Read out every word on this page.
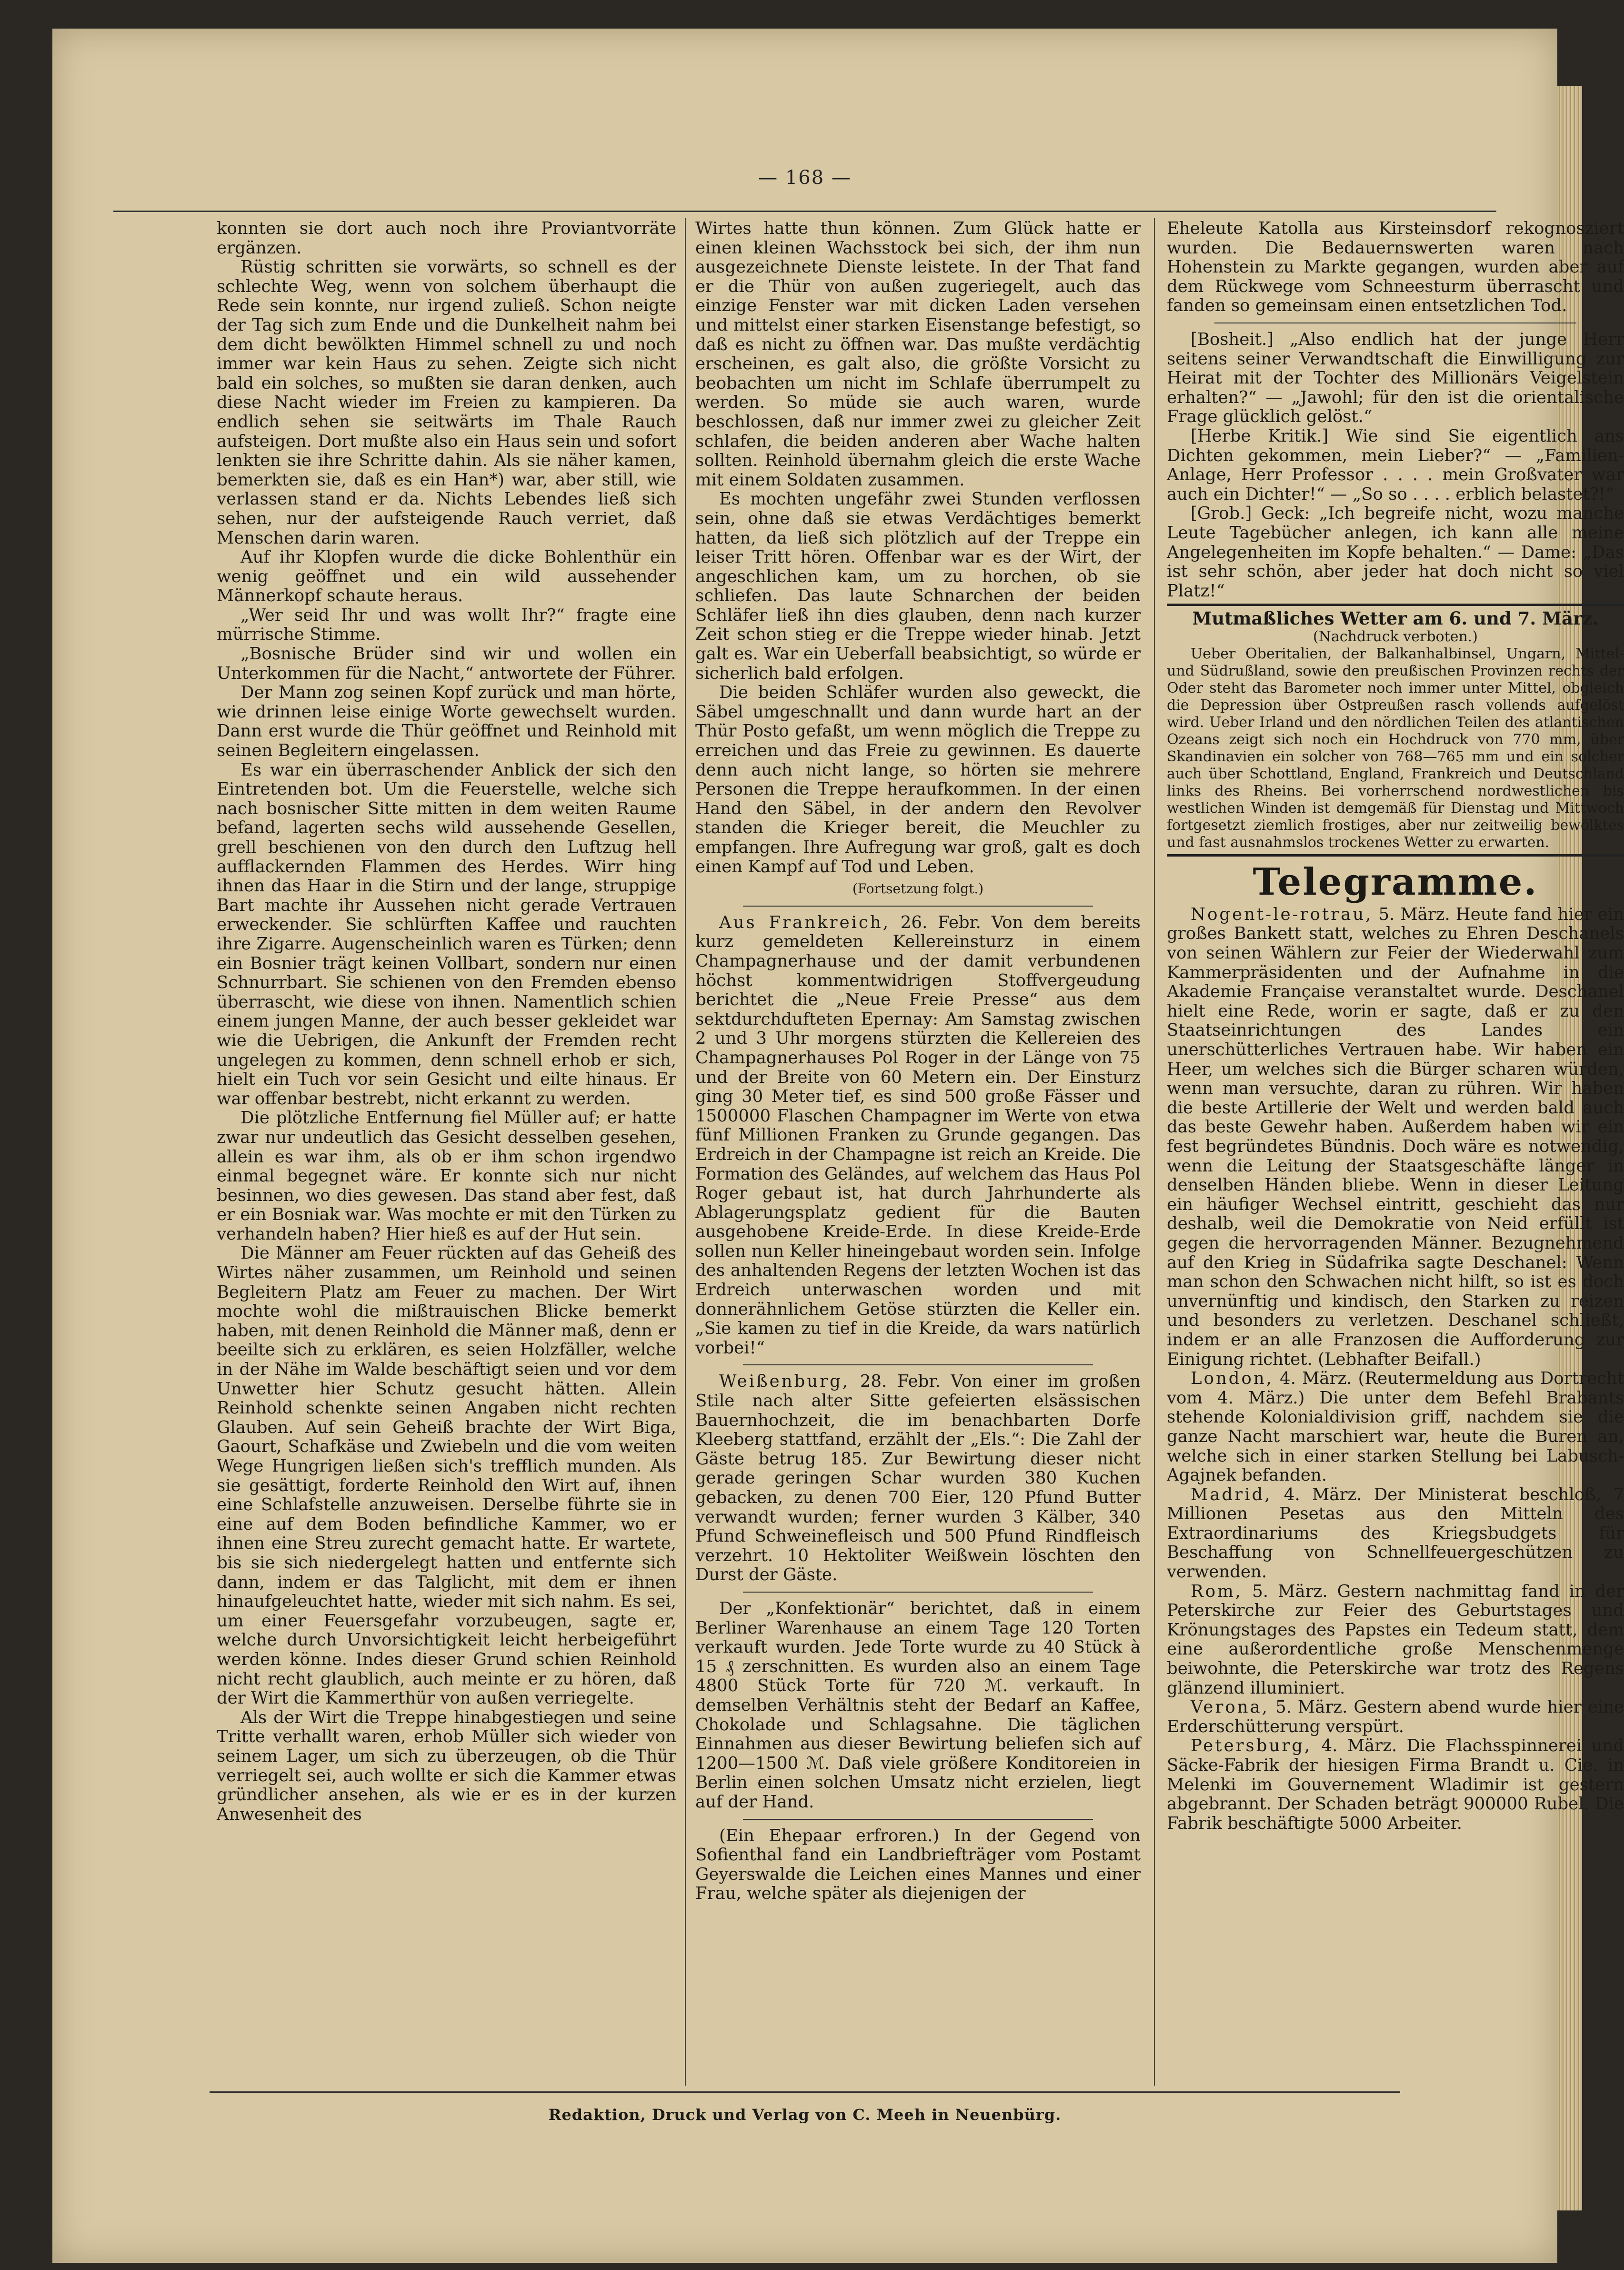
— 168 —

konnten sie dort auch noch ihre Proviantvorräte ergänzen.

Rüstig schritten sie vorwärts, so schnell es der schlechte Weg, wenn von solchem überhaupt die Rede sein konnte, nur irgend zuließ. Schon neigte der Tag sich zum Ende und die Dunkelheit nahm bei dem dicht bewölkten Himmel schnell zu und noch immer war kein Haus zu sehen. Zeigte sich nicht bald ein solches, so mußten sie daran denken, auch diese Nacht wieder im Freien zu kampieren. Da endlich sehen sie seitwärts im Thale Rauch aufsteigen. Dort mußte also ein Haus sein und sofort lenkten sie ihre Schritte dahin. Als sie näher kamen, bemerkten sie, daß es ein Han*) war, aber still, wie verlassen stand er da. Nichts Lebendes ließ sich sehen, nur der aufsteigende Rauch verriet, daß Menschen darin waren.

Auf ihr Klopfen wurde die dicke Bohlenthür ein wenig geöffnet und ein wild aussehender Männerkopf schaute heraus.

„Wer seid Ihr und was wollt Ihr?“ fragte eine mürrische Stimme.

„Bosnische Brüder sind wir und wollen ein Unterkommen für die Nacht,“ antwortete der Führer.

Der Mann zog seinen Kopf zurück und man hörte, wie drinnen leise einige Worte gewechselt wurden. Dann erst wurde die Thür geöffnet und Reinhold mit seinen Begleitern eingelassen.

Es war ein überraschender Anblick der sich den Eintretenden bot. Um die Feuerstelle, welche sich nach bosnischer Sitte mitten in dem weiten Raume befand, lagerten sechs wild aussehende Gesellen, grell beschienen von den durch den Luftzug hell aufflackernden Flammen des Herdes. Wirr hing ihnen das Haar in die Stirn und der lange, struppige Bart machte ihr Aussehen nicht gerade Vertrauen erweckender. Sie schlürften Kaffee und rauchten ihre Zigarre. Augenscheinlich waren es Türken; denn ein Bosnier trägt keinen Vollbart, sondern nur einen Schnurrbart. Sie schienen von den Fremden ebenso überrascht, wie diese von ihnen. Namentlich schien einem jungen Manne, der auch besser gekleidet war wie die Uebrigen, die Ankunft der Fremden recht ungelegen zu kommen, denn schnell erhob er sich, hielt ein Tuch vor sein Gesicht und eilte hinaus. Er war offenbar bestrebt, nicht erkannt zu werden.

Die plötzliche Entfernung fiel Müller auf; er hatte zwar nur undeutlich das Gesicht desselben gesehen, allein es war ihm, als ob er ihm schon irgendwo einmal begegnet wäre. Er konnte sich nur nicht besinnen, wo dies gewesen. Das stand aber fest, daß er ein Bosniak war. Was mochte er mit den Türken zu verhandeln haben? Hier hieß es auf der Hut sein.

Die Männer am Feuer rückten auf das Geheiß des Wirtes näher zusammen, um Reinhold und seinen Begleitern Platz am Feuer zu machen. Der Wirt mochte wohl die mißtrauischen Blicke bemerkt haben, mit denen Reinhold die Männer maß, denn er beeilte sich zu erklären, es seien Holzfäller, welche in der Nähe im Walde beschäftigt seien und vor dem Unwetter hier Schutz gesucht hätten. Allein Reinhold schenkte seinen Angaben nicht rechten Glauben. Auf sein Geheiß brachte der Wirt Biga, Gaourt, Schafkäse und Zwiebeln und die vom weiten Wege Hungrigen ließen sich's trefflich munden. Als sie gesättigt, forderte Reinhold den Wirt auf, ihnen eine Schlafstelle anzuweisen. Derselbe führte sie in eine auf dem Boden befindliche Kammer, wo er ihnen eine Streu zurecht gemacht hatte. Er wartete, bis sie sich niedergelegt hatten und entfernte sich dann, indem er das Talglicht, mit dem er ihnen hinaufgeleuchtet hatte, wieder mit sich nahm. Es sei, um einer Feuersgefahr vorzubeugen, sagte er, welche durch Unvorsichtigkeit leicht herbeigeführt werden könne. Indes dieser Grund schien Reinhold nicht recht glaublich, auch meinte er zu hören, daß der Wirt die Kammerthür von außen verriegelte.

Als der Wirt die Treppe hinabgestiegen und seine Tritte verhallt waren, erhob Müller sich wieder von seinem Lager, um sich zu überzeugen, ob die Thür verriegelt sei, auch wollte er sich die Kammer etwas gründlicher ansehen, als wie er es in der kurzen Anwesenheit des

Wirtes hatte thun können. Zum Glück hatte er einen kleinen Wachsstock bei sich, der ihm nun ausgezeichnete Dienste leistete. In der That fand er die Thür von außen zugeriegelt, auch das einzige Fenster war mit dicken Laden versehen und mittelst einer starken Eisenstange befestigt, so daß es nicht zu öffnen war. Das mußte verdächtig erscheinen, es galt also, die größte Vorsicht zu beobachten um nicht im Schlafe überrumpelt zu werden. So müde sie auch waren, wurde beschlossen, daß nur immer zwei zu gleicher Zeit schlafen, die beiden anderen aber Wache halten sollten. Reinhold übernahm gleich die erste Wache mit einem Soldaten zusammen.

Es mochten ungefähr zwei Stunden verflossen sein, ohne daß sie etwas Verdächtiges bemerkt hatten, da ließ sich plötzlich auf der Treppe ein leiser Tritt hören. Offenbar war es der Wirt, der angeschlichen kam, um zu horchen, ob sie schliefen. Das laute Schnarchen der beiden Schläfer ließ ihn dies glauben, denn nach kurzer Zeit schon stieg er die Treppe wieder hinab. Jetzt galt es. War ein Ueberfall beabsichtigt, so würde er sicherlich bald erfolgen.

Die beiden Schläfer wurden also geweckt, die Säbel umgeschnallt und dann wurde hart an der Thür Posto gefaßt, um wenn möglich die Treppe zu erreichen und das Freie zu gewinnen. Es dauerte denn auch nicht lange, so hörten sie mehrere Personen die Treppe heraufkommen. In der einen Hand den Säbel, in der andern den Revolver standen die Krieger bereit, die Meuchler zu empfangen. Ihre Aufregung war groß, galt es doch einen Kampf auf Tod und Leben.

(Fortsetzung folgt.)

Aus Frankreich, 26. Febr. Von dem bereits kurz gemeldeten Kellereinsturz in einem Champagnerhause und der damit verbundenen höchst kommentwidrigen Stoffvergeudung berichtet die „Neue Freie Presse“ aus dem sektdurchdufteten Epernay: Am Samstag zwischen 2 und 3 Uhr morgens stürzten die Kellereien des Champagnerhauses Pol Roger in der Länge von 75 und der Breite von 60 Metern ein. Der Einsturz ging 30 Meter tief, es sind 500 große Fässer und 1500000 Flaschen Champagner im Werte von etwa fünf Millionen Franken zu Grunde gegangen. Das Erdreich in der Champagne ist reich an Kreide. Die Formation des Geländes, auf welchem das Haus Pol Roger gebaut ist, hat durch Jahrhunderte als Ablagerungsplatz gedient für die Bauten ausgehobene Kreide-Erde. In diese Kreide-Erde sollen nun Keller hineingebaut worden sein. Infolge des anhaltenden Regens der letzten Wochen ist das Erdreich unterwaschen worden und mit donnerähnlichem Getöse stürzten die Keller ein. „Sie kamen zu tief in die Kreide, da wars natürlich vorbei!“

Weißenburg, 28. Febr. Von einer im großen Stile nach alter Sitte gefeierten elsässischen Bauernhochzeit, die im benachbarten Dorfe Kleeberg stattfand, erzählt der „Els.“: Die Zahl der Gäste betrug 185. Zur Bewirtung dieser nicht gerade geringen Schar wurden 380 Kuchen gebacken, zu denen 700 Eier, 120 Pfund Butter verwandt wurden; ferner wurden 3 Kälber, 340 Pfund Schweinefleisch und 500 Pfund Rindfleisch verzehrt. 10 Hektoliter Weißwein löschten den Durst der Gäste.

Der „Konfektionär“ berichtet, daß in einem Berliner Warenhause an einem Tage 120 Torten verkauft wurden. Jede Torte wurde zu 40 Stück à 15 ₰ zerschnitten. Es wurden also an einem Tage 4800 Stück Torte für 720 ℳ. verkauft. In demselben Verhältnis steht der Bedarf an Kaffee, Chokolade und Schlagsahne. Die täglichen Einnahmen aus dieser Bewirtung beliefen sich auf 1200—1500 ℳ. Daß viele größere Konditoreien in Berlin einen solchen Umsatz nicht erzielen, liegt auf der Hand.

(Ein Ehepaar erfroren.) In der Gegend von Sofienthal fand ein Landbriefträger vom Postamt Geyerswalde die Leichen eines Mannes und einer Frau, welche später als diejenigen der

Eheleute Katolla aus Kirsteinsdorf rekognosziert wurden. Die Bedauernswerten waren nach Hohenstein zu Markte gegangen, wurden aber auf dem Rückwege vom Schneesturm überrascht und fanden so gemeinsam einen entsetzlichen Tod.

[Bosheit.] „Also endlich hat der junge Herr seitens seiner Verwandtschaft die Einwilligung zur Heirat mit der Tochter des Millionärs Veigelstein erhalten?“ — „Jawohl; für den ist die orientalische Frage glücklich gelöst.“

[Herbe Kritik.] Wie sind Sie eigentlich ans Dichten gekommen, mein Lieber?“ — „Familien-Anlage, Herr Professor . . . . mein Großvater war auch ein Dichter!“ — „So so . . . . erblich belastet?!“

[Grob.] Geck: „Ich begreife nicht, wozu manche Leute Tagebücher anlegen, ich kann alle meine Angelegenheiten im Kopfe behalten.“ — Dame: „Das ist sehr schön, aber jeder hat doch nicht so viel Platz!“

Mutmaßliches Wetter am 6. und 7. März.

(Nachdruck verboten.)

Ueber Oberitalien, der Balkanhalbinsel, Ungarn, Mittel- und Südrußland, sowie den preußischen Provinzen rechts der Oder steht das Barometer noch immer unter Mittel, obgleich die Depression über Ostpreußen rasch vollends aufgelöst wird. Ueber Irland und den nördlichen Teilen des atlantischen Ozeans zeigt sich noch ein Hochdruck von 770 mm, über Skandinavien ein solcher von 768—765 mm und ein solcher auch über Schottland, England, Frankreich und Deutschland links des Rheins. Bei vorherrschend nordwestlichen bis westlichen Winden ist demgemäß für Dienstag und Mittwoch fortgesetzt ziemlich frostiges, aber nur zeitweilig bewölktes und fast ausnahmslos trockenes Wetter zu erwarten.

Telegramme.

Nogent-le-rotrau, 5. März. Heute fand hier ein großes Bankett statt, welches zu Ehren Deschanels von seinen Wählern zur Feier der Wiederwahl zum Kammerpräsidenten und der Aufnahme in die Akademie Française veranstaltet wurde. Deschanel hielt eine Rede, worin er sagte, daß er zu den Staatseinrichtungen des Landes ein unerschütterliches Vertrauen habe. Wir haben ein Heer, um welches sich die Bürger scharen würden, wenn man versuchte, daran zu rühren. Wir haben die beste Artillerie der Welt und werden bald auch das beste Gewehr haben. Außerdem haben wir ein fest begründetes Bündnis. Doch wäre es notwendig, wenn die Leitung der Staatsgeschäfte länger in denselben Händen bliebe. Wenn in dieser Leitung ein häufiger Wechsel eintritt, geschieht das nur deshalb, weil die Demokratie von Neid erfüllt ist gegen die hervorragenden Männer. Bezugnehmend auf den Krieg in Südafrika sagte Deschanel: Wenn man schon den Schwachen nicht hilft, so ist es doch unvernünftig und kindisch, den Starken zu reizen und besonders zu verletzen. Deschanel schließt, indem er an alle Franzosen die Aufforderung zur Einigung richtet. (Lebhafter Beifall.)

London, 4. März. (Reutermeldung aus Dortrecht vom 4. März.) Die unter dem Befehl Brabants stehende Kolonialdivision griff, nachdem sie die ganze Nacht marschiert war, heute die Buren an, welche sich in einer starken Stellung bei Labusch-Agajnek befanden.

Madrid, 4. März. Der Ministerat beschloß, 7 Millionen Pesetas aus den Mitteln des Extraordinariums des Kriegsbudgets für Beschaffung von Schnellfeuergeschützen zu verwenden.

Rom, 5. März. Gestern nachmittag fand in der Peterskirche zur Feier des Geburtstages und Krönungstages des Papstes ein Tedeum statt, dem eine außerordentliche große Menschenmenge beiwohnte, die Peterskirche war trotz des Regens glänzend illuminiert.

Verona, 5. März. Gestern abend wurde hier eine Erderschütterung verspürt.

Petersburg, 4. März. Die Flachsspinnerei und Säcke-Fabrik der hiesigen Firma Brandt u. Cie. in Melenki im Gouvernement Wladimir ist gestern abgebrannt. Der Schaden beträgt 900000 Rubel. Die Fabrik beschäftigte 5000 Arbeiter.

Redaktion, Druck und Verlag von C. Meeh in Neuenbürg.
